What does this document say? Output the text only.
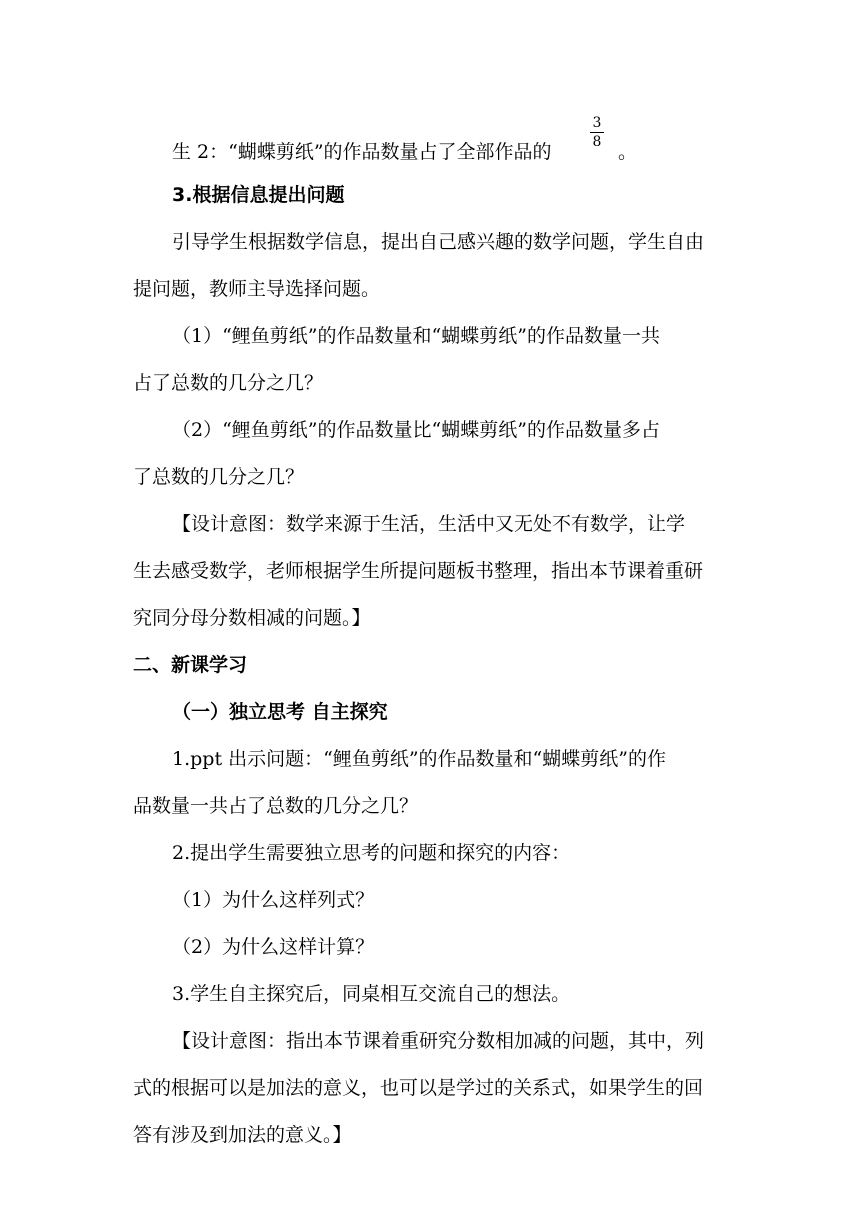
生 2：“蝴蝶剪纸”的作品数量占了全部作品的
3
8 。
3.根据信息提出问题
引导学生根据数学信息，提出自己感兴趣的数学问题，学生自由
提问题，教师主导选择问题。
（1）“鲤鱼剪纸”的作品数量和“蝴蝶剪纸”的作品数量一共
占了总数的几分之几？
（2）“鲤鱼剪纸”的作品数量比“蝴蝶剪纸”的作品数量多占
了总数的几分之几？
【设计意图：数学来源于生活，生活中又无处不有数学，让学
生去感受数学，老师根据学生所提问题板书整理，指出本节课着重研
究同分母分数相减的问题。】
二、新课学习
（一）独立思考 自主探究
1.ppt 出示问题：“鲤鱼剪纸”的作品数量和“蝴蝶剪纸”的作
品数量一共占了总数的几分之几？
2.提出学生需要独立思考的问题和探究的内容：
（1）为什么这样列式？
（2）为什么这样计算？
3.学生自主探究后，同桌相互交流自己的想法。
【设计意图：指出本节课着重研究分数相加减的问题，其中，列
式的根据可以是加法的意义，也可以是学过的关系式，如果学生的回
答有涉及到加法的意义。】
